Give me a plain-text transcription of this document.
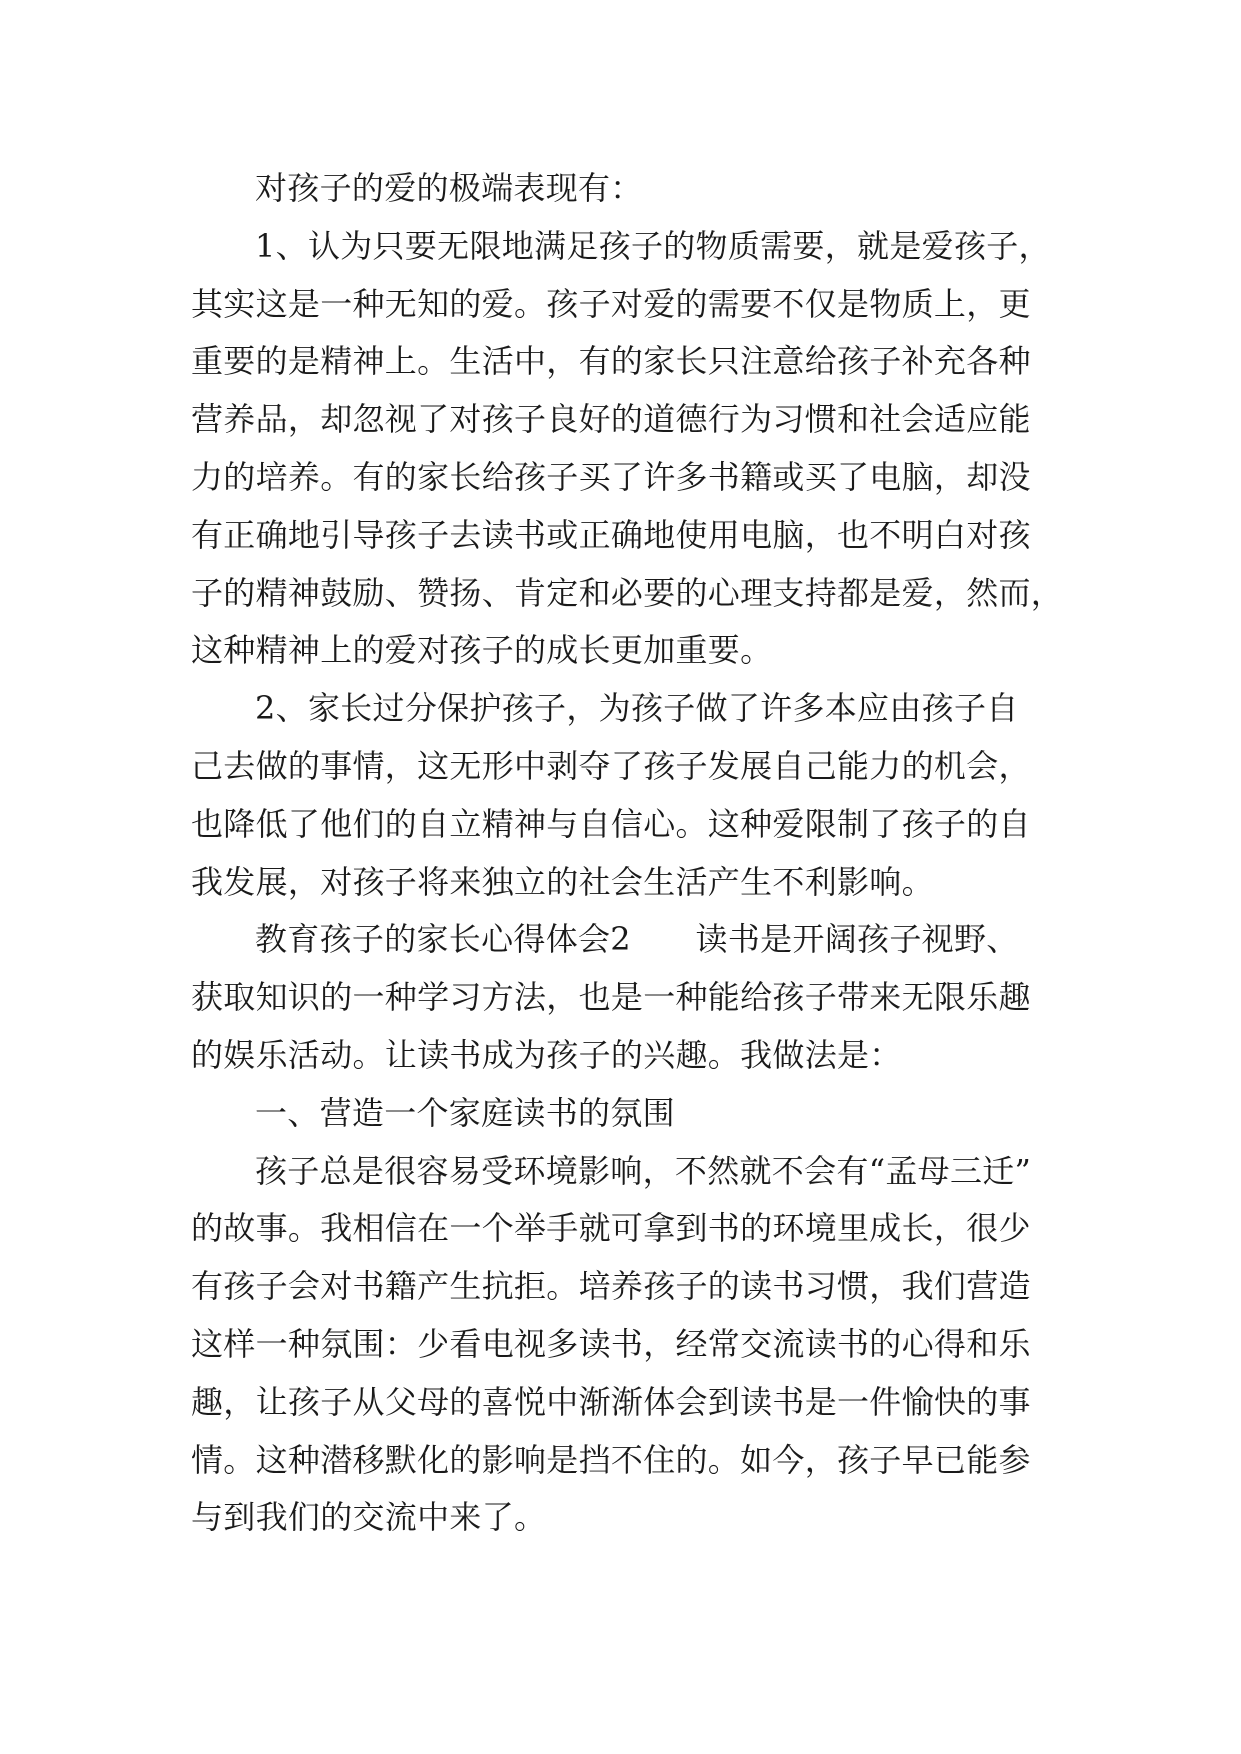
对孩子的爱的极端表现有：
1、认为只要无限地满足孩子的物质需要，就是爱孩子，
其实这是一种无知的爱。孩子对爱的需要不仅是物质上，更
重要的是精神上。生活中，有的家长只注意给孩子补充各种
营养品，却忽视了对孩子良好的道德行为习惯和社会适应能
力的培养。有的家长给孩子买了许多书籍或买了电脑，却没
有正确地引导孩子去读书或正确地使用电脑，也不明白对孩
子的精神鼓励、赞扬、肯定和必要的心理支持都是爱，然而，
这种精神上的爱对孩子的成长更加重要。
2、家长过分保护孩子，为孩子做了许多本应由孩子自
己去做的事情，这无形中剥夺了孩子发展自己能力的机会，
也降低了他们的自立精神与自信心。这种爱限制了孩子的自
我发展，对孩子将来独立的社会生活产生不利影响。
教育孩子的家长心得体会2　　读书是开阔孩子视野、
获取知识的一种学习方法，也是一种能给孩子带来无限乐趣
的娱乐活动。让读书成为孩子的兴趣。我做法是：
一、营造一个家庭读书的氛围
孩子总是很容易受环境影响，不然就不会有“孟母三迁”
的故事。我相信在一个举手就可拿到书的环境里成长，很少
有孩子会对书籍产生抗拒。培养孩子的读书习惯，我们营造
这样一种氛围：少看电视多读书，经常交流读书的心得和乐
趣，让孩子从父母的喜悦中渐渐体会到读书是一件愉快的事
情。这种潜移默化的影响是挡不住的。如今，孩子早已能参
与到我们的交流中来了。
